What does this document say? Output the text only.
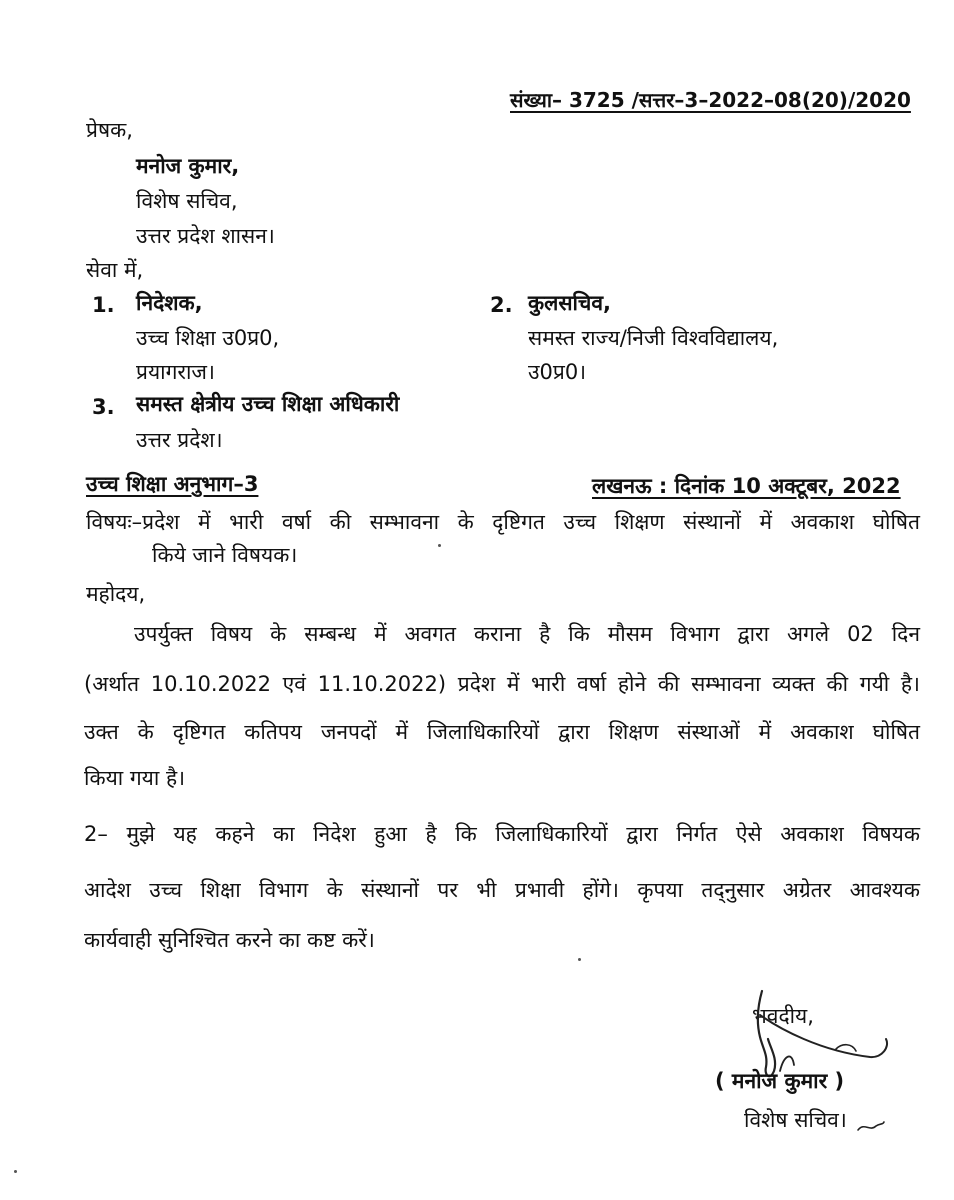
संख्या– 3725 /सत्तर–3–2022–08(20)/2020
प्रेषक,
मनोज कुमार,
विशेष सचिव,
उत्तर प्रदेश शासन।
सेवा में,
1. निदेशक,
उच्च शिक्षा उ0प्र0,
प्रयागराज।
2. कुलसचिव,
समस्त राज्य/निजी विश्वविद्यालय,
उ0प्र0।
3. समस्त क्षेत्रीय उच्च शिक्षा अधिकारी
उत्तर प्रदेश।
उच्च शिक्षा अनुभाग–3	लखनऊ : दिनांक 10 अक्टूबर, 2022
विषयः–प्रदेश में भारी वर्षा की सम्भावना के दृष्टिगत उच्च शिक्षण संस्थानों में अवकाश घोषित
किये जाने विषयक।
महोदय,
उपर्युक्त विषय के सम्बन्ध में अवगत कराना है कि मौसम विभाग द्वारा अगले 02 दिन
(अर्थात 10.10.2022 एवं 11.10.2022) प्रदेश में भारी वर्षा होने की सम्भावना व्यक्त की गयी है।
उक्त के दृष्टिगत कतिपय जनपदों में जिलाधिकारियों द्वारा शिक्षण संस्थाओं में अवकाश घोषित
किया गया है।
2– मुझे यह कहने का निदेश हुआ है कि जिलाधिकारियों द्वारा निर्गत ऐसे अवकाश विषयक
आदेश उच्च शिक्षा विभाग के संस्थानों पर भी प्रभावी होंगे। कृपया तद्नुसार अग्रेतर आवश्यक
कार्यवाही सुनिश्चित करने का कष्ट करें।
भवदीय,
( मनोज कुमार )
विशेष सचिव।
